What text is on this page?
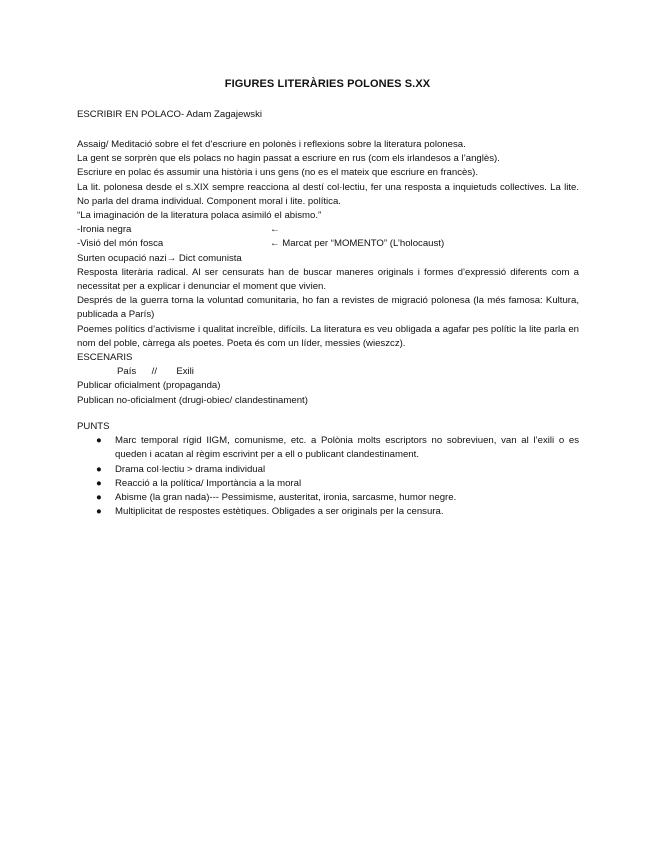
FIGURES LITERÀRIES POLONES S.XX
ESCRIBIR EN POLACO- Adam Zagajewski

Assaig/ Meditació sobre el fet d’escriure en polonès i reflexions sobre la literatura polonesa.

La gent se sorprèn que els polacs no hagin passat a escriure en rus (com els irlandesos a l’anglès).

Escriure en polac és assumir una història i uns gens (no es el mateix que escriure en francès).

La lit. polonesa desde el s.XIX sempre reacciona al destí col·lectiu, fer una resposta a inquietuds collectives. La lite. No parla del drama individual. Component moral i lite. política.

“La imaginación de la literatura polaca asimiló el abismo.”

-Ironia negra	←
-Visió del món fosca	← Marcat per “MOMENTO” (L’holocaust)

Surten ocupació nazi→ Dict comunista

Resposta literària radical. Al ser censurats han de buscar maneres originals i formes d’expressió diferents com a necessitat per a explicar i denunciar el moment que vivien.

Després de la guerra torna la voluntad comunitaria, ho fan a revistes de migració polonesa (la més famosa: Kultura, publicada a París)

Poemes polítics d’activisme i qualitat increïble, difícils. La literatura es veu obligada a agafar pes polític la lite parla en nom del poble, càrrega als poetes. Poeta és com un líder, messies (wieszcz).

ESCENARIS

País // Exili

Publicar oficialment (propaganda)

Publican no-oficialment (drugi-obiec/ clandestinament)

PUNTS

● Marc temporal rígid IIGM, comunisme, etc. a Polònia molts escriptors no sobreviuen, van al l’exili o es queden i acatan al règim escrivint per a ell o publicant clandestinament.
● Drama col·lectiu > drama individual
● Reacció a la política/ Importància a la moral
● Abisme (la gran nada)--- Pessimisme, austeritat, ironia, sarcasme, humor negre.
● Multiplicitat de respostes estètiques. Obligades a ser originals per la censura.
